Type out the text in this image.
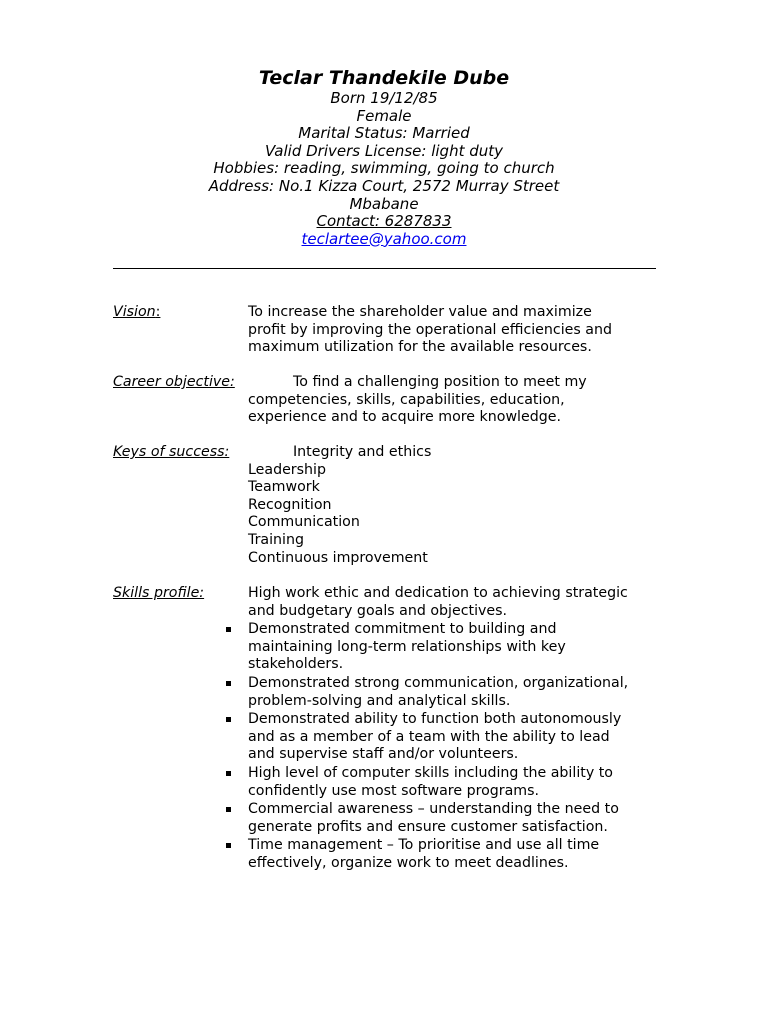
Teclar Thandekile Dube
Born 19/12/85
Female
Marital Status: Married
Valid Drivers License: light duty
Hobbies: reading, swimming, going to church
Address: No.1 Kizza Court, 2572 Murray Street
Mbabane
Contact: 6287833
teclartee@yahoo.com
Vision:	To increase the shareholder value and maximize
profit by improving the operational efficiencies and
maximum utilization for the available resources.
Career objective:	To find a challenging position to meet my
competencies, skills, capabilities, education,
experience and to acquire more knowledge.
Keys of success:	Integrity and ethics
Leadership
Teamwork
Recognition
Communication
Training
Continuous improvement
Skills profile:	High work ethic and dedication to achieving strategic
and budgetary goals and objectives.
Demonstrated commitment to building and
maintaining long-term relationships with key
stakeholders.
Demonstrated strong communication, organizational,
problem-solving and analytical skills.
Demonstrated ability to function both autonomously
and as a member of a team with the ability to lead
and supervise staff and/or volunteers.
High level of computer skills including the ability to
confidently use most software programs.
Commercial awareness – understanding the need to
generate profits and ensure customer satisfaction.
Time management – To prioritise and use all time
effectively, organize work to meet deadlines.
